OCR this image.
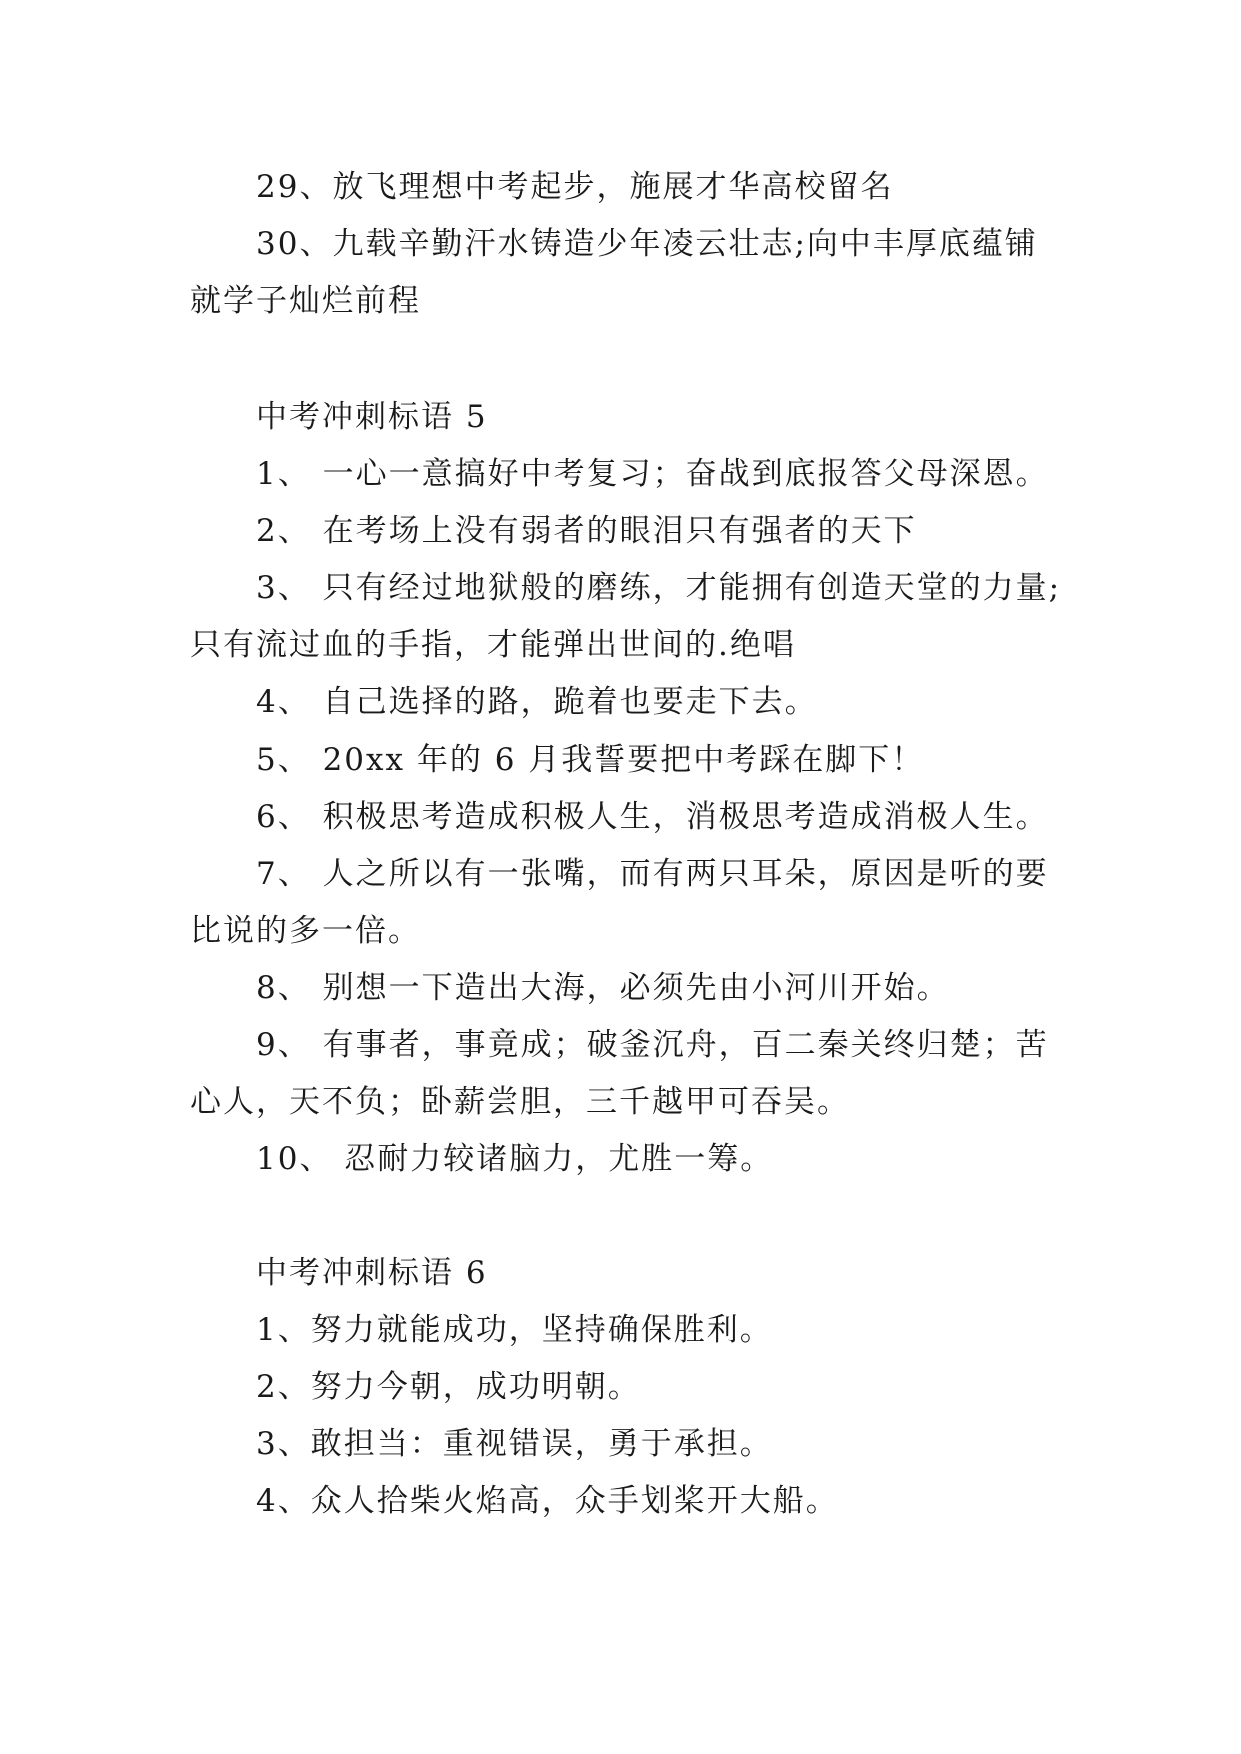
29、放飞理想中考起步，施展才华高校留名
30、九载辛勤汗水铸造少年凌云壮志;向中丰厚底蕴铺
就学子灿烂前程
中考冲刺标语 5
1、 一心一意搞好中考复习；奋战到底报答父母深恩。
2、 在考场上没有弱者的眼泪只有强者的天下
3、 只有经过地狱般的磨练，才能拥有创造天堂的力量;
只有流过血的手指，才能弹出世间的.绝唱
4、 自己选择的路，跪着也要走下去。
5、 20xx 年的 6 月我誓要把中考踩在脚下！
6、 积极思考造成积极人生，消极思考造成消极人生。
7、 人之所以有一张嘴，而有两只耳朵，原因是听的要
比说的多一倍。
8、 别想一下造出大海，必须先由小河川开始。
9、 有事者，事竟成；破釜沉舟，百二秦关终归楚；苦
心人，天不负；卧薪尝胆，三千越甲可吞吴。
10、 忍耐力较诸脑力，尤胜一筹。
中考冲刺标语 6
1、努力就能成功，坚持确保胜利。
2、努力今朝，成功明朝。
3、敢担当：重视错误，勇于承担。
4、众人拾柴火焰高，众手划桨开大船。
